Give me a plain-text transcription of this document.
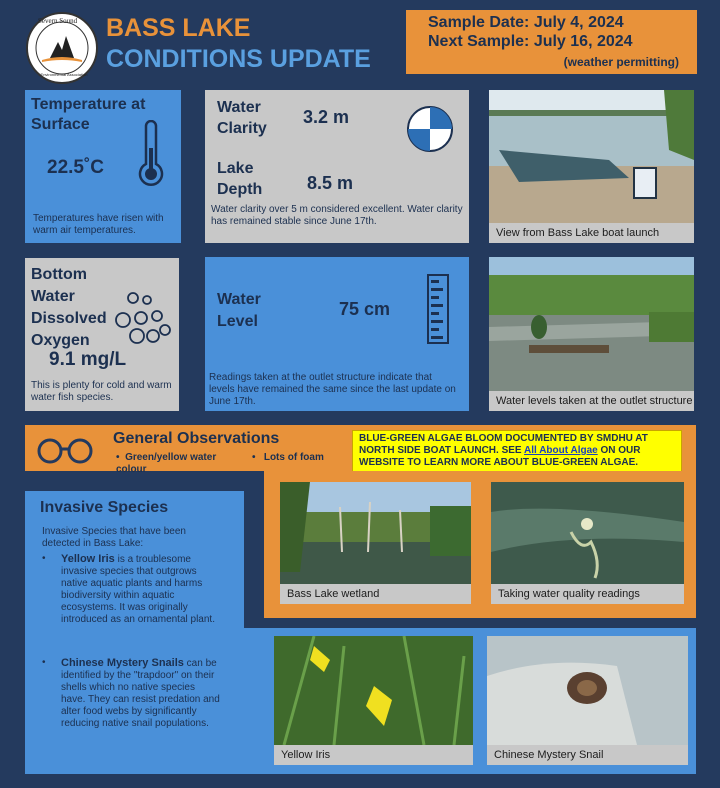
Severn Sound
Environmental Association
BASS LAKE
CONDITIONS UPDATE
Sample Date: July 4, 2024
Next Sample: July 16, 2024
(weather permitting)
Temperature at Surface
22.5˚C
Temperatures have risen with warm air temperatures.
Water Clarity
3.2 m
Lake Depth	8.5 m
Water clarity over 5 m considered excellent. Water clarity has remained stable since June 17th.
View from Bass Lake boat launch
Bottom Water Dissolved Oxygen
9.1 mg/L
This is plenty for cold and warm water fish species.
Water Level
75 cm
Readings taken at the outlet structure indicate that levels have remained the same since the last update on June 17th.	Water levels taken at the outlet structure
General Observations
•  Green/yellow water colour
•   Lots of foam
BLUE-GREEN ALGAE BLOOM DOCUMENTED BY SMDHU AT NORTH SIDE BOAT LAUNCH. SEE All About Algae ON OUR WEBSITE TO LEARN MORE ABOUT BLUE-GREEN ALGAE.
Bass Lake wetland	Taking water quality readings
Invasive Species
Invasive Species that have been detected in Bass Lake:
• Yellow Iris is a troublesome invasive species that outgrows native aquatic plants and harms biodiversity within aquatic ecosystems. It was originally introduced as an ornamental plant.
• Chinese Mystery Snails can be identified by the "trapdoor" on their shells which no native species have. They can resist predation and alter food webs by significantly reducing native snail populations.
Yellow Iris	Chinese Mystery Snail
